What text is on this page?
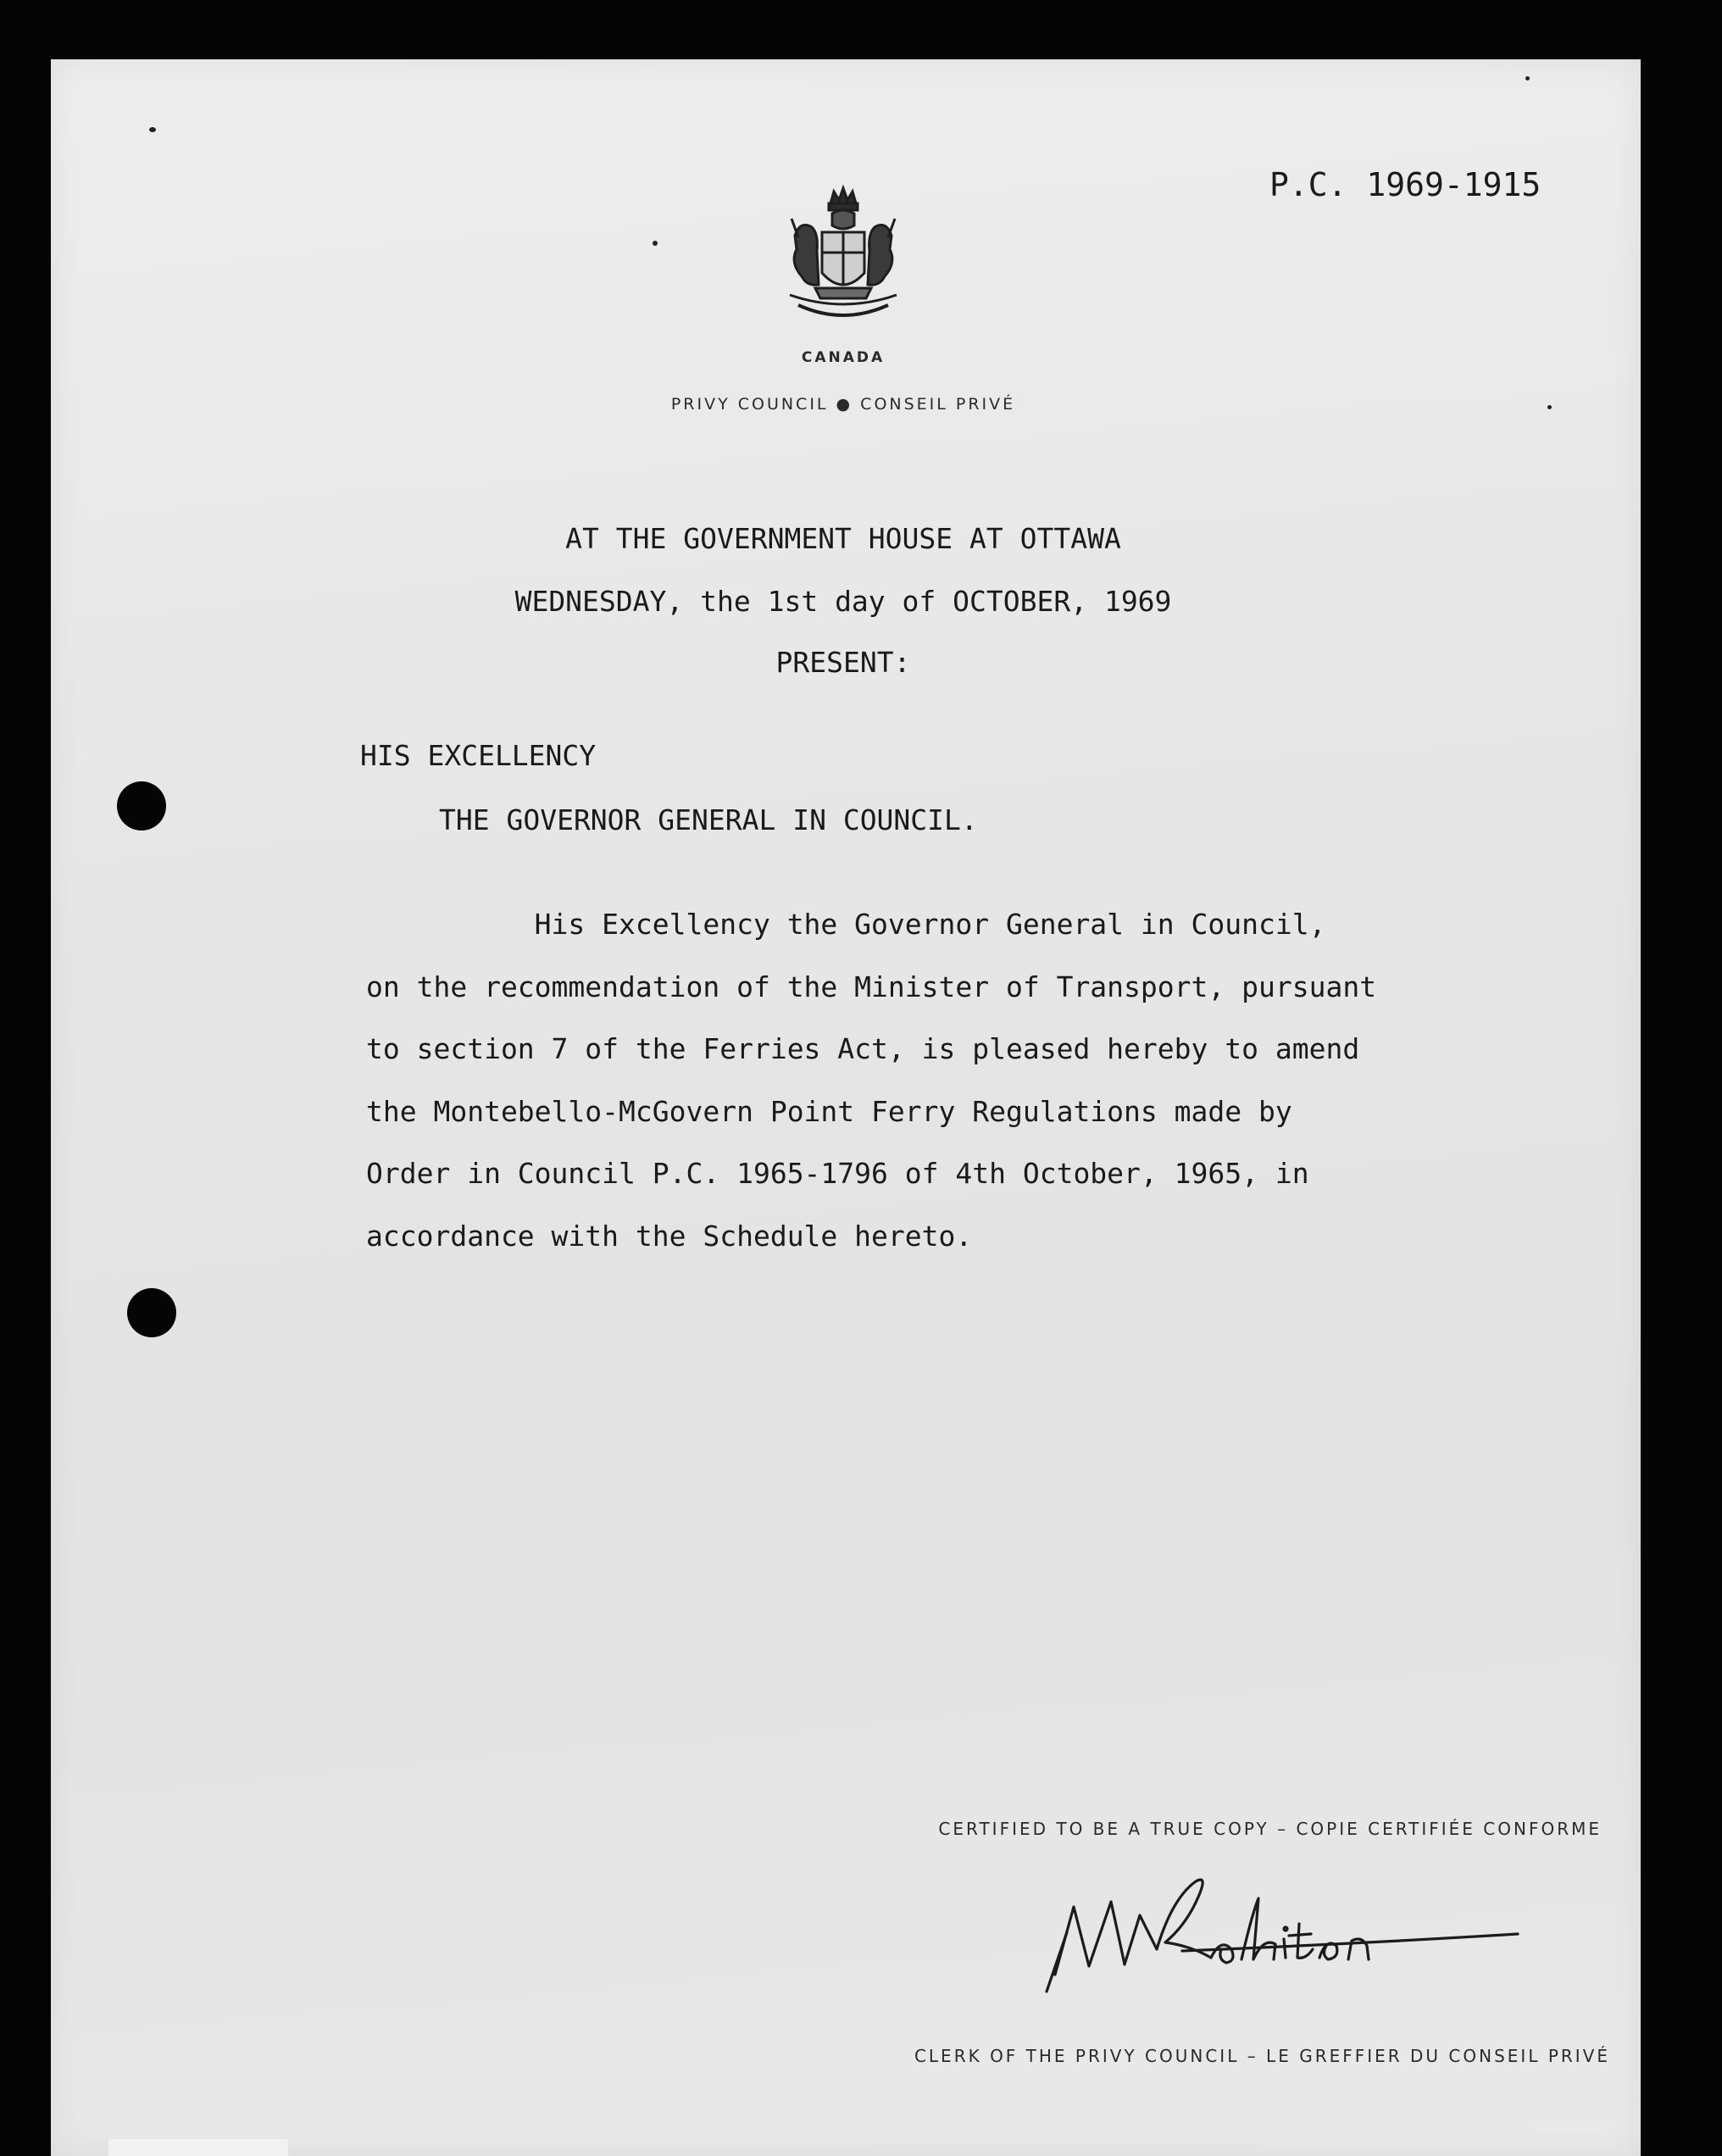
P.C. 1969-1915
CANADA
PRIVY COUNCIL ● CONSEIL PRIVÉ
AT THE GOVERNMENT HOUSE AT OTTAWA
WEDNESDAY, the 1st day of OCTOBER, 1969
PRESENT:
HIS EXCELLENCY
THE GOVERNOR GENERAL IN COUNCIL.
His Excellency the Governor General in Council,
on the recommendation of the Minister of Transport, pursuant
to section 7 of the Ferries Act, is pleased hereby to amend
the Montebello-McGovern Point Ferry Regulations made by
Order in Council P.C. 1965-1796 of 4th October, 1965, in
accordance with the Schedule hereto.
CERTIFIED TO BE A TRUE COPY – COPIE CERTIFIÉE CONFORME
CLERK OF THE PRIVY COUNCIL – LE GREFFIER DU CONSEIL PRIVÉ
